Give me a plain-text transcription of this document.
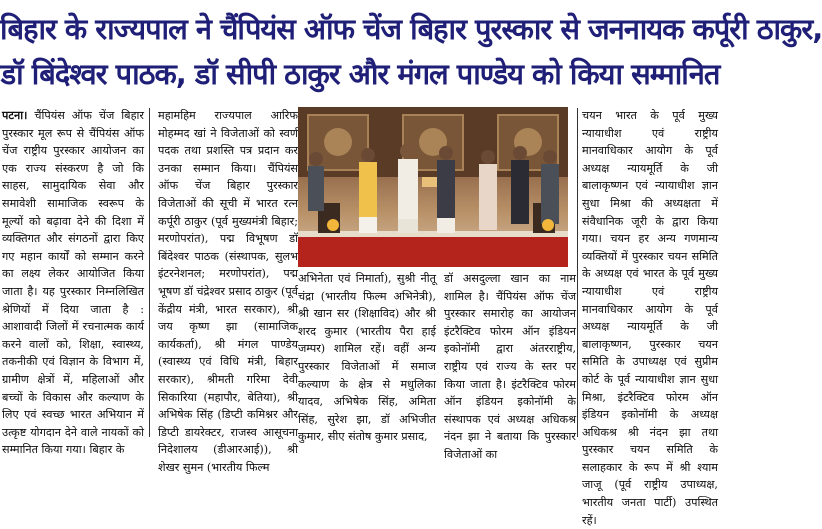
बिहार के राज्यपाल ने चैंपियंस ऑफ चेंज बिहार पुरस्कार से जननायक कर्पूरी ठाकुर,
डॉ बिंदेश्वर पाठक, डॉ सीपी ठाकुर और मंगल पाण्डेय को किया सम्मानित

पटना। चैंपियंस ऑफ चेंज बिहार पुरस्कार मूल रूप से चैंपियंस ऑफ चेंज राष्ट्रीय पुरस्कार आयोजन का एक राज्य संस्करण है जो कि साहस, सामुदायिक सेवा और समावेशी सामाजिक स्वरूप के मूल्यों को बढ़ावा देने की दिशा में व्यक्तिगत और संगठनों द्वारा किए गए महान कार्यों को सम्मान करने का लक्ष्य लेकर आयोजित किया जाता है। यह पुरस्कार निम्नलिखित श्रेणियों में दिया जाता है : आशावादी जिलों में रचनात्मक कार्य करने वालों को, शिक्षा, स्वास्थ्य, तकनीकी एवं विज्ञान के विभाग में, ग्रामीण क्षेत्रों में, महिलाओं और बच्चों के विकास और कल्याण के लिए एवं स्वच्छ भारत अभियान में उत्कृष्ट योगदान देने वाले नायकों को सम्मानित किया गया। बिहार के

महामहिम राज्यपाल आरिफ मोहम्मद खां ने विजेताओं को स्वर्ण पदक तथा प्रशस्ति पत्र प्रदान कर उनका सम्मान किया। चैंपियंस ऑफ चेंज बिहार पुरस्कार विजेताओं की सूची में भारत रत्न कर्पूरी ठाकुर (पूर्व मुख्यमंत्री बिहार; मरणोपरांत), पद्म विभूषण डॉ बिंदेश्वर पाठक (संस्थापक, सुलभ इंटरनेशनल; मरणोपरांत), पद्म भूषण डॉ चंद्रेश्वर प्रसाद ठाकुर (पूर्व केंद्रीय मंत्री, भारत सरकार), श्री जय कृष्ण झा (सामाजिक कार्यकर्ता), श्री मंगल पाण्डेय (स्वास्थ्य एवं विधि मंत्री, बिहार सरकार), श्रीमती गरिमा देवी सिकारिया (महापौर, बेतिया), श्री अभिषेक सिंह (डिप्टी कमिश्नर और डिप्टी डायरेक्टर, राजस्व आसूचना निदेशालय (डीआरआई)), श्री शेखर सुमन (भारतीय फिल्म

अभिनेता एवं निमार्ता), सुश्री नीतू चंद्रा (भारतीय फिल्म अभिनेत्री), श्री खान सर (शिक्षाविद) और श्री शरद कुमार (भारतीय पैरा हाई जम्पर) शामिल रहें। वहीं अन्य पुरस्कार विजेताओं में समाज कल्याण के क्षेत्र से मधुलिका यादव, अभिषेक सिंह, अमिता सिंह, सुरेश झा, डॉ अभिजीत कुमार, सीए संतोष कुमार प्रसाद,

डॉ असदुल्ला खान का नाम शामिल है। चैंपियंस ऑफ चेंज पुरस्कार समारोह का आयोजन इंटरैक्टिव फोरम ऑन इंडियन इकोनॉमी द्वारा अंतरराष्ट्रीय, राष्ट्रीय एवं राज्य के स्तर पर किया जाता है। इंटरैक्टिव फोरम ऑन इंडियन इकोनॉमी के संस्थापक एवं अध्यक्ष अधिकश्र नंदन झा ने बताया कि पुरस्कार विजेताओं का

चयन भारत के पूर्व मुख्य न्यायाधीश एवं राष्ट्रीय मानवाधिकार आयोग के पूर्व अध्यक्ष न्यायमूर्ति के जी बालाकृष्णन एवं न्यायाधीश ज्ञान सुधा मिश्रा की अध्यक्षता में संवैधानिक जूरी के द्वारा किया गया। चयन हर अन्य गणमान्य व्यक्तियों में पुरस्कार चयन समिति के अध्यक्ष एवं भारत के पूर्व मुख्य न्यायाधीश एवं राष्ट्रीय मानवाधिकार आयोग के पूर्व अध्यक्ष न्यायमूर्ति के जी बालाकृष्णन, पुरस्कार चयन समिति के उपाध्यक्ष एवं सुप्रीम कोर्ट के पूर्व न्यायाधीश ज्ञान सुधा मिश्रा, इंटरैक्टिव फोरम ऑन इंडियन इकोनॉमी के अध्यक्ष अधिकश्र श्री नंदन झा तथा पुरस्कार चयन समिति के सलाहकार के रूप में श्री श्याम जाजू (पूर्व राष्ट्रीय उपाध्यक्ष, भारतीय जनता पार्टी) उपस्थित रहें।
